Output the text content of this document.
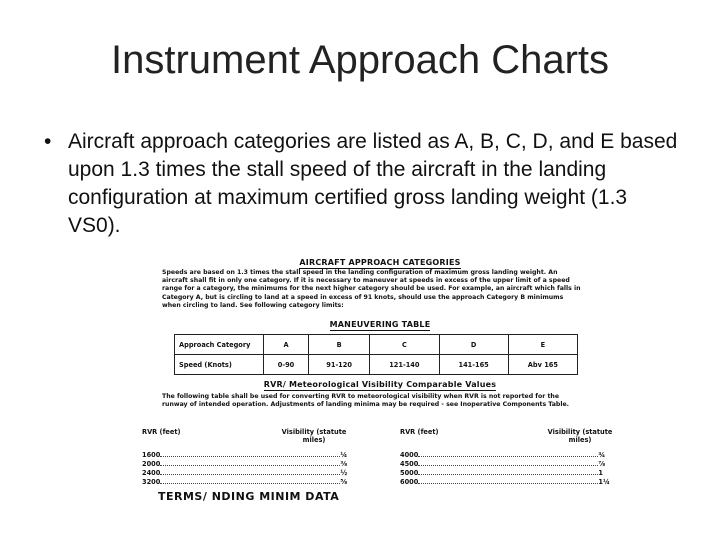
Instrument Approach Charts
• Aircraft approach categories are listed as A, B, C, D, and E based upon 1.3 times the stall speed of the aircraft in the landing configuration at maximum certified gross landing weight (1.3 VS0).
AIRCRAFT APPROACH CATEGORIES
Speeds are based on 1.3 times the stall speed in the landing configuration of maximum gross landing weight. An aircraft shall fit in only one category. If it is necessary to maneuver at speeds in excess of the upper limit of a speed range for a category, the minimums for the next higher category should be used. For example, an aircraft which falls in Category A, but is circling to land at a speed in excess of 91 knots, should use the approach Category B minimums when circling to land. See following category limits:
MANEUVERING TABLE
Approach Category	A	B	C	D	E
Speed (Knots)	0-90	91-120	121-140	141-165	Abv 165
RVR/ Meteorological Visibility Comparable Values
The following table shall be used for converting RVR to meteorological visibility when RVR is not reported for the runway of intended operation. Adjustments of landing minima may be required - see Inoperative Components Table.
RVR (feet)	Visibility (statute miles)
1600	¼
2000	⅜
2400	½
3200	⅝
RVR (feet)	Visibility (statute miles)
4000	¾
4500	⅞
5000	1
6000	1¼
TERMS/ NDING MINIM DATA
